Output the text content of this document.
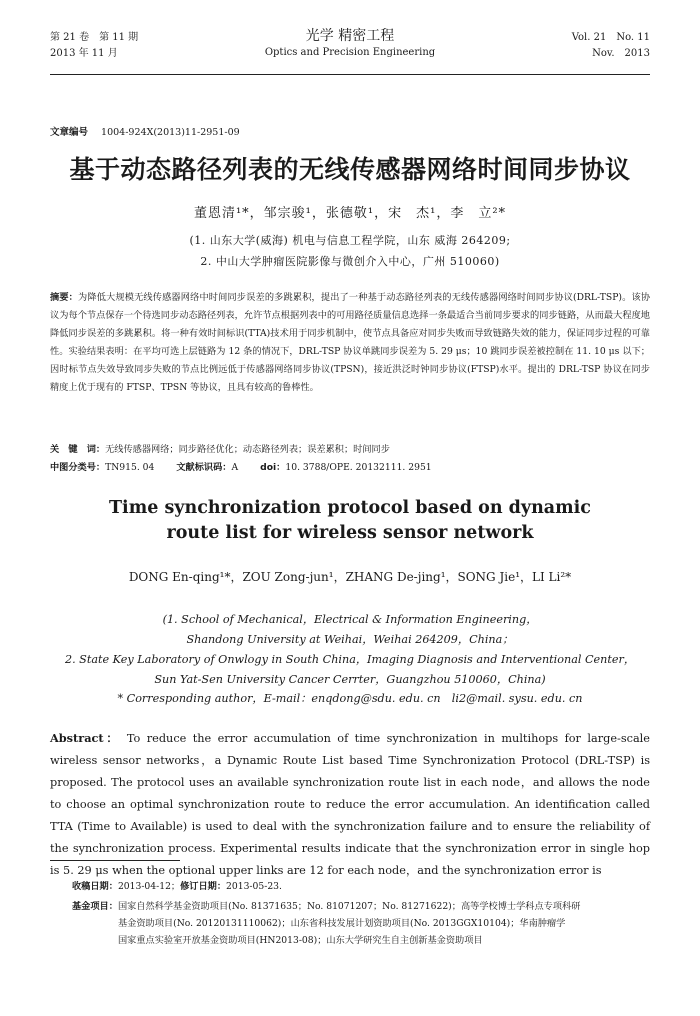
第 21 卷　第 11 期
2013 年 11 月
光学 精密工程
Optics and Precision Engineering
Vol. 21　No. 11
Nov.　2013
文章编号 1004-924X(2013)11-2951-09
基于动态路径列表的无线传感器网络时间同步协议
董恩清¹*，邹宗骏¹，张德敬¹，宋　杰¹，李　立²*
(1. 山东大学(威海) 机电与信息工程学院，山东 威海 264209;
2. 中山大学肿瘤医院影像与微创介入中心，广州 510060)
摘要：为降低大规模无线传感器网络中时间同步误差的多跳累积，提出了一种基于动态路径列表的无线传感器网络时间同步协议(DRL-TSP)。该协议为每个节点保存一个待选同步动态路径列表，允许节点根据列表中的可用路径质量信息选择一条最适合当前同步要求的同步链路，从而最大程度地降低同步误差的多跳累积。将一种有效时间标识(TTA)技术用于同步机制中，使节点具备应对同步失败而导致链路失效的能力，保证同步过程的可靠性。实验结果表明：在平均可选上层链路为 12 条的情况下，DRL-TSP 协议单跳同步误差为 5. 29 μs；10 跳同步误差被控制在 11. 10 μs 以下；因时标节点失效导致同步失败的节点比例远低于传感器网络同步协议(TPSN)，接近洪泛时钟同步协议(FTSP)水平。提出的 DRL-TSP 协议在同步精度上优于现有的 FTSP、TPSN 等协议，且具有较高的鲁棒性。
关　键　词：无线传感器网络；同步路径优化；动态路径列表；误差累积；时间同步
中图分类号：TN915. 04 文献标识码：A doi：10. 3788/OPE. 20132111. 2951
Time synchronization protocol based on dynamic
route list for wireless sensor network
DONG En-qing¹*，ZOU Zong-jun¹，ZHANG De-jing¹，SONG Jie¹，LI Li²*
(1. School of Mechanical，Electrical & Information Engineering，
Shandong University at Weihai，Weihai 264209，China；
2. State Key Laboratory of Onwlogy in South China，Imaging Diagnosis and Interventional Center，
Sun Yat-Sen University Cancer Cerrter，Guangzhou 510060，China)
* Corresponding author，E-mail：enqdong@sdu. edu. cn　li2@mail. sysu. edu. cn
Abstract： To reduce the error accumulation of time synchronization in multihops for large-scale wireless sensor networks，a Dynamic Route List based Time Synchronization Protocol (DRL-TSP) is proposed. The protocol uses an available synchronization route list in each node，and allows the node to choose an optimal synchronization route to reduce the error accumulation. An identification called TTA (Time to Available) is used to deal with the synchronization failure and to ensure the reliability of the synchronization process. Experimental results indicate that the synchronization error in single hop is 5. 29 μs when the optional upper links are 12 for each node，and the synchronization error is
收稿日期：2013-04-12；修订日期：2013-05-23.
基金项目：国家自然科学基金资助项目(No. 81371635；No. 81071207；No. 81271622)；高等学校博士学科点专项科研
基金资助项目(No. 20120131110062)；山东省科技发展计划资助项目(No. 2013GGX10104)；华南肿瘤学
国家重点实验室开放基金资助项目(HN2013-08)；山东大学研究生自主创新基金资助项目
